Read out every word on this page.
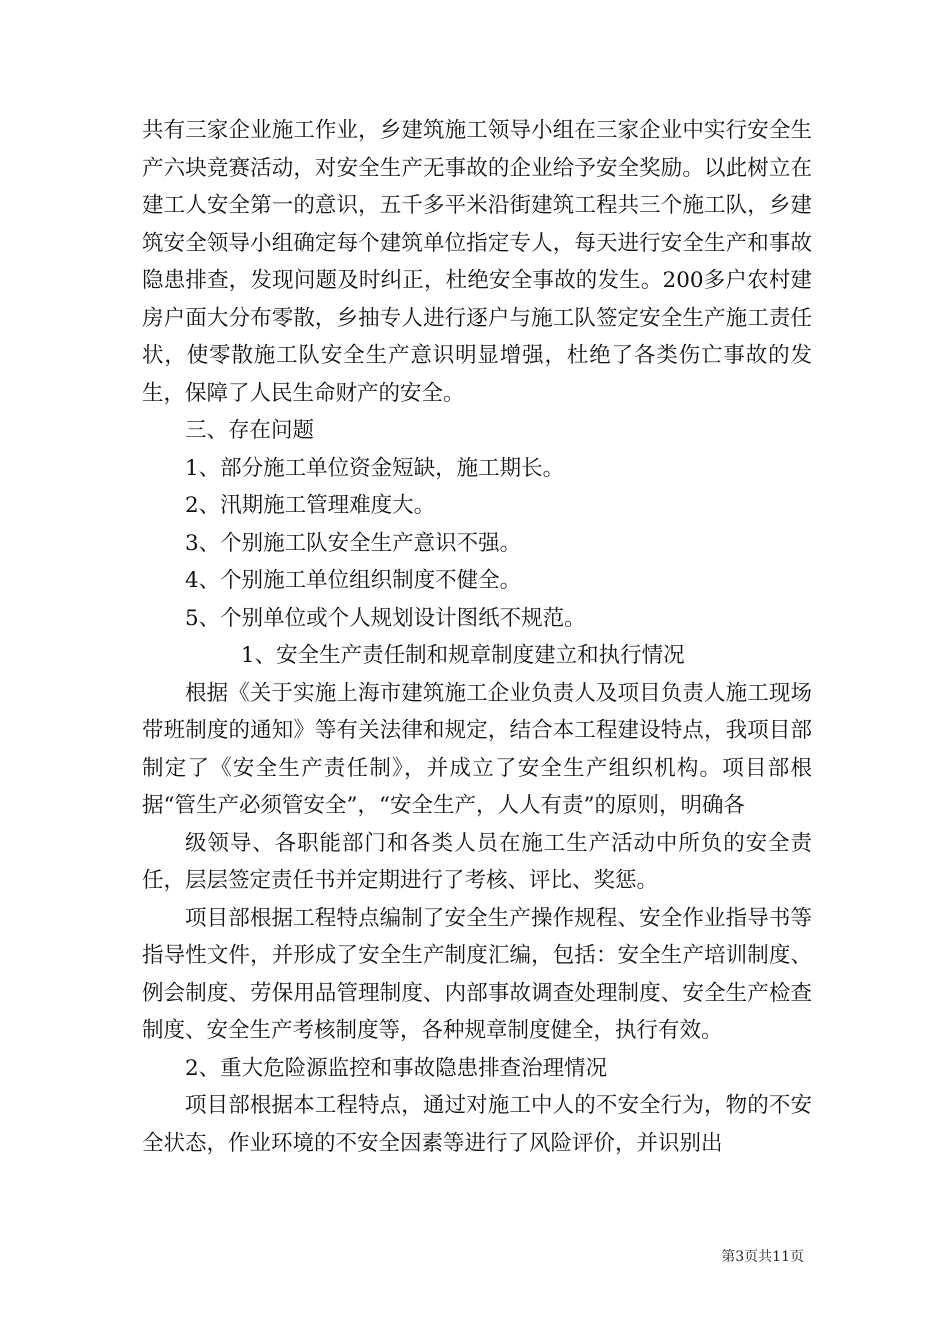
共有三家企业施工作业，乡建筑施工领导小组在三家企业中实行安全生产六块竞赛活动，对安全生产无事故的企业给予安全奖励。以此树立在建工人安全第一的意识，五千多平米沿街建筑工程共三个施工队，乡建筑安全领导小组确定每个建筑单位指定专人，每天进行安全生产和事故隐患排查，发现问题及时纠正，杜绝安全事故的发生。200多户农村建房户面大分布零散，乡抽专人进行逐户与施工队签定安全生产施工责任状，使零散施工队安全生产意识明显增强，杜绝了各类伤亡事故的发生，保障了人民生命财产的安全。

三、存在问题

1、部分施工单位资金短缺，施工期长。

2、汛期施工管理难度大。

3、个别施工队安全生产意识不强。

4、个别施工单位组织制度不健全。

5、个别单位或个人规划设计图纸不规范。

1、安全生产责任制和规章制度建立和执行情况

根据《关于实施上海市建筑施工企业负责人及项目负责人施工现场带班制度的通知》等有关法律和规定，结合本工程建设特点，我项目部制定了《安全生产责任制》，并成立了安全生产组织机构。项目部根据“管生产必须管安全”，“安全生产，人人有责”的原则，明确各

级领导、各职能部门和各类人员在施工生产活动中所负的安全责任，层层签定责任书并定期进行了考核、评比、奖惩。

项目部根据工程特点编制了安全生产操作规程、安全作业指导书等指导性文件，并形成了安全生产制度汇编，包括：安全生产培训制度、例会制度、劳保用品管理制度、内部事故调查处理制度、安全生产检查制度、安全生产考核制度等，各种规章制度健全，执行有效。

2、重大危险源监控和事故隐患排查治理情况

项目部根据本工程特点，通过对施工中人的不安全行为，物的不安全状态，作业环境的不安全因素等进行了风险评价，并识别出

第3页共11页
